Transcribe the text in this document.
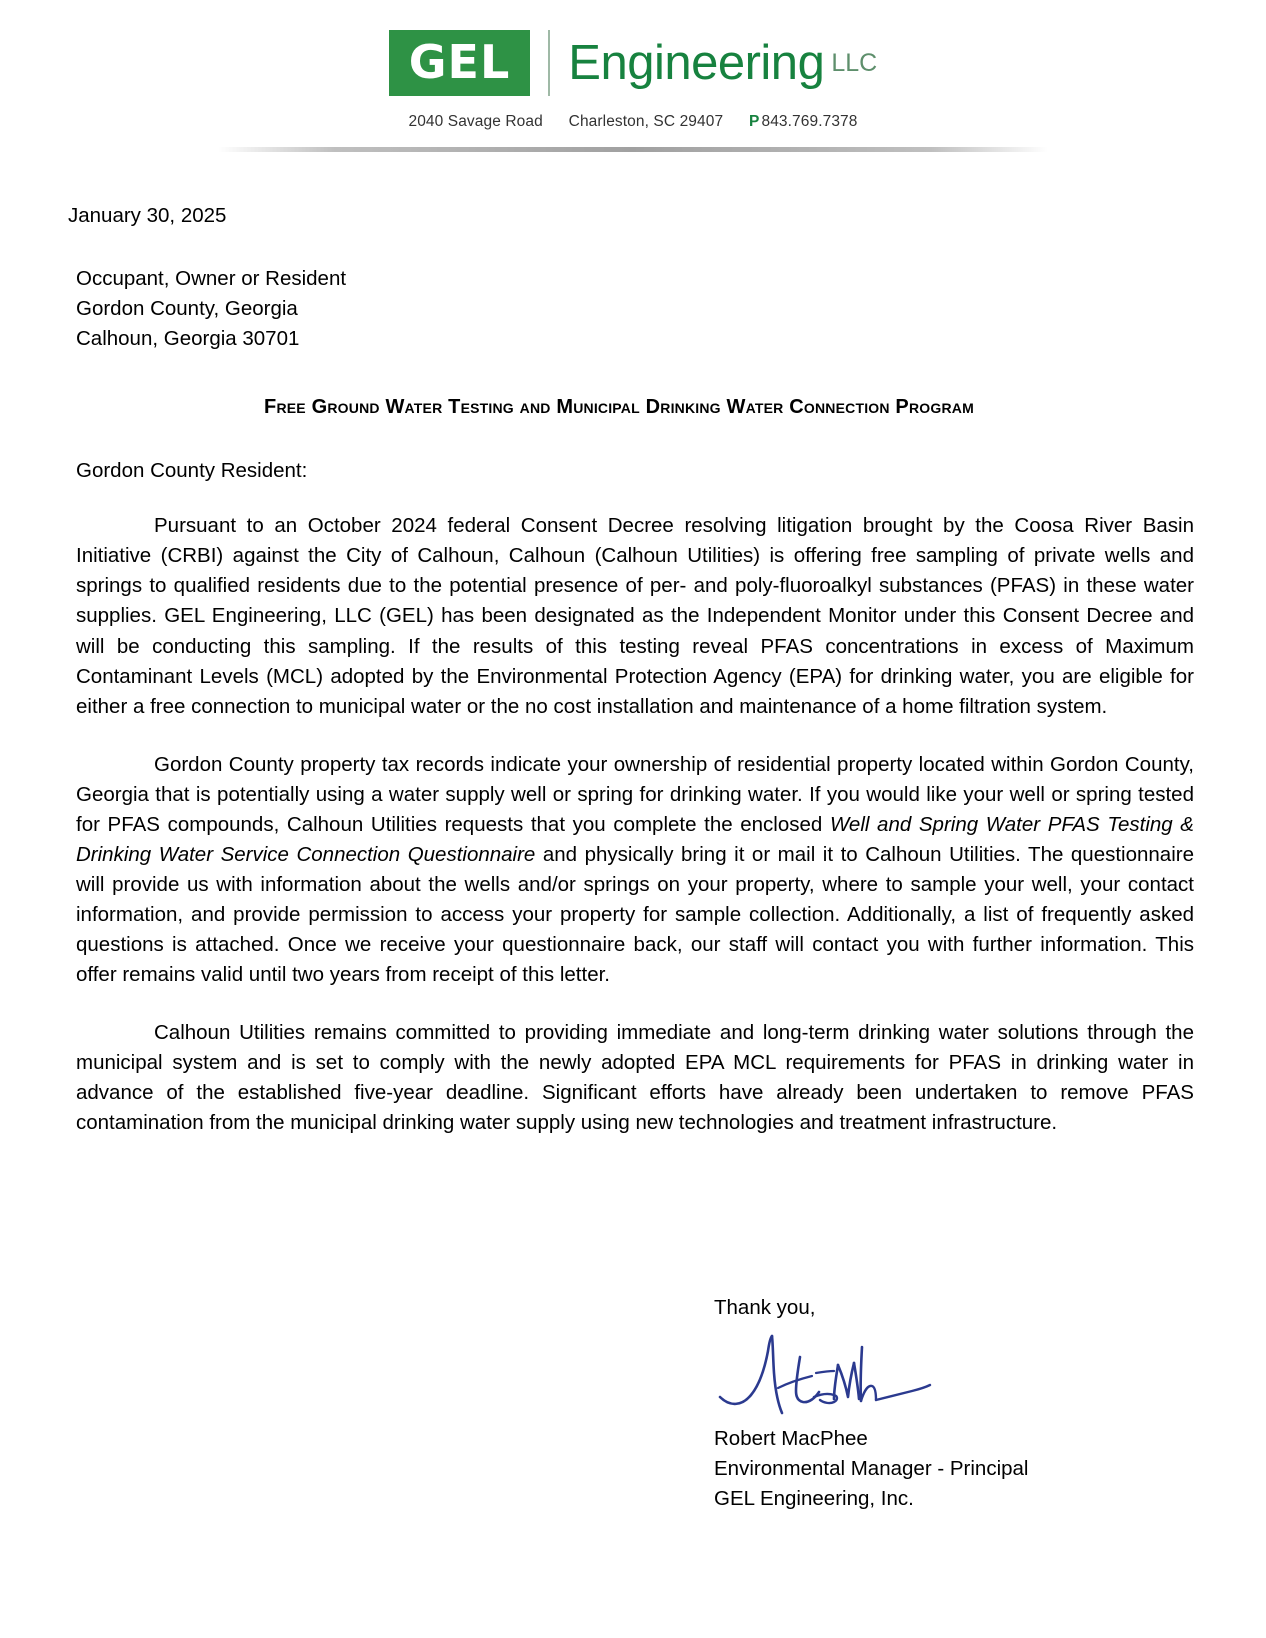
GEL	Engineering LLC
2040 Savage Road Charleston, SC 29407 P 843.769.7378
January 30, 2025
Occupant, Owner or Resident
Gordon County, Georgia
Calhoun, Georgia 30701
Free Ground Water Testing and Municipal Drinking Water Connection Program
Gordon County Resident:

Pursuant to an October 2024 federal Consent Decree resolving litigation brought by the Coosa River Basin Initiative (CRBI) against the City of Calhoun, Calhoun (Calhoun Utilities) is offering free sampling of private wells and springs to qualified residents due to the potential presence of per- and poly-fluoroalkyl substances (PFAS) in these water supplies. GEL Engineering, LLC (GEL) has been designated as the Independent Monitor under this Consent Decree and will be conducting this sampling. If the results of this testing reveal PFAS concentrations in excess of Maximum Contaminant Levels (MCL) adopted by the Environmental Protection Agency (EPA) for drinking water, you are eligible for either a free connection to municipal water or the no cost installation and maintenance of a home filtration system.

Gordon County property tax records indicate your ownership of residential property located within Gordon County, Georgia that is potentially using a water supply well or spring for drinking water. If you would like your well or spring tested for PFAS compounds, Calhoun Utilities requests that you complete the enclosed Well and Spring Water PFAS Testing & Drinking Water Service Connection Questionnaire and physically bring it or mail it to Calhoun Utilities. The questionnaire will provide us with information about the wells and/or springs on your property, where to sample your well, your contact information, and provide permission to access your property for sample collection. Additionally, a list of frequently asked questions is attached. Once we receive your questionnaire back, our staff will contact you with further information. This offer remains valid until two years from receipt of this letter.

Calhoun Utilities remains committed to providing immediate and long-term drinking water solutions through the municipal system and is set to comply with the newly adopted EPA MCL requirements for PFAS in drinking water in advance of the established five-year deadline. Significant efforts have already been undertaken to remove PFAS contamination from the municipal drinking water supply using new technologies and treatment infrastructure.

Thank you,
Robert MacPhee
Environmental Manager - Principal
GEL Engineering, Inc.
